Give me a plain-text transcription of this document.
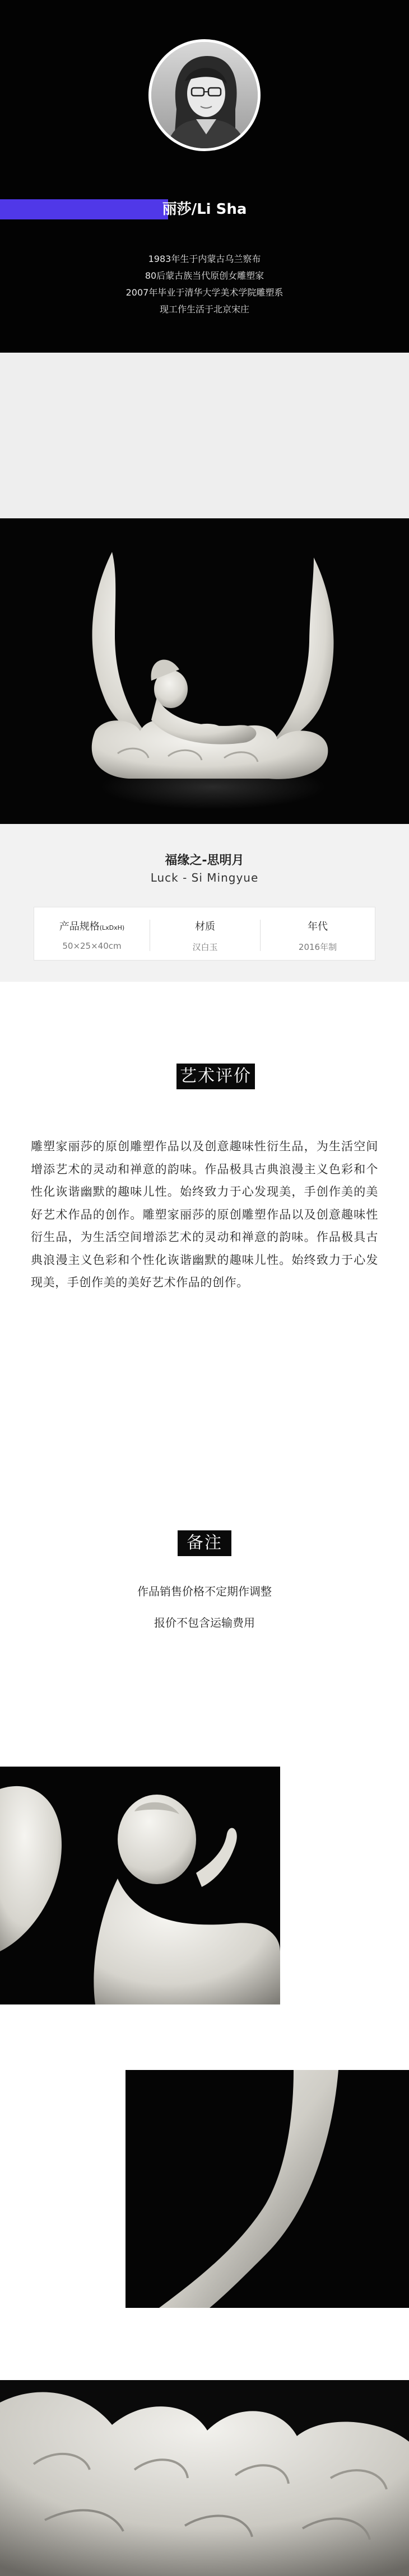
丽莎/Li Sha
1983年生于内蒙古乌兰察布
80后蒙古族当代原创女雕塑家
2007年毕业于清华大学美术学院雕塑系
现工作生活于北京宋庄
福缘之-思明月
Luck - Si Mingyue
产品规格(LxDxH)
50×25×40cm
材质
汉白玉
年代
2016年制
艺术评价

雕塑家丽莎的原创雕塑作品以及创意趣味性衍生品，为生活空间增添艺术的灵动和禅意的韵味。作品极具古典浪漫主义色彩和个性化诙谐幽默的趣味儿性。始终致力于心发现美，手创作美的美好艺术作品的创作。雕塑家丽莎的原创雕塑作品以及创意趣味性衍生品，为生活空间增添艺术的灵动和禅意的韵味。作品极具古典浪漫主义色彩和个性化诙谐幽默的趣味儿性。始终致力于心发现美，手创作美的美好艺术作品的创作。

备注
作品销售价格不定期作调整
报价不包含运输费用
